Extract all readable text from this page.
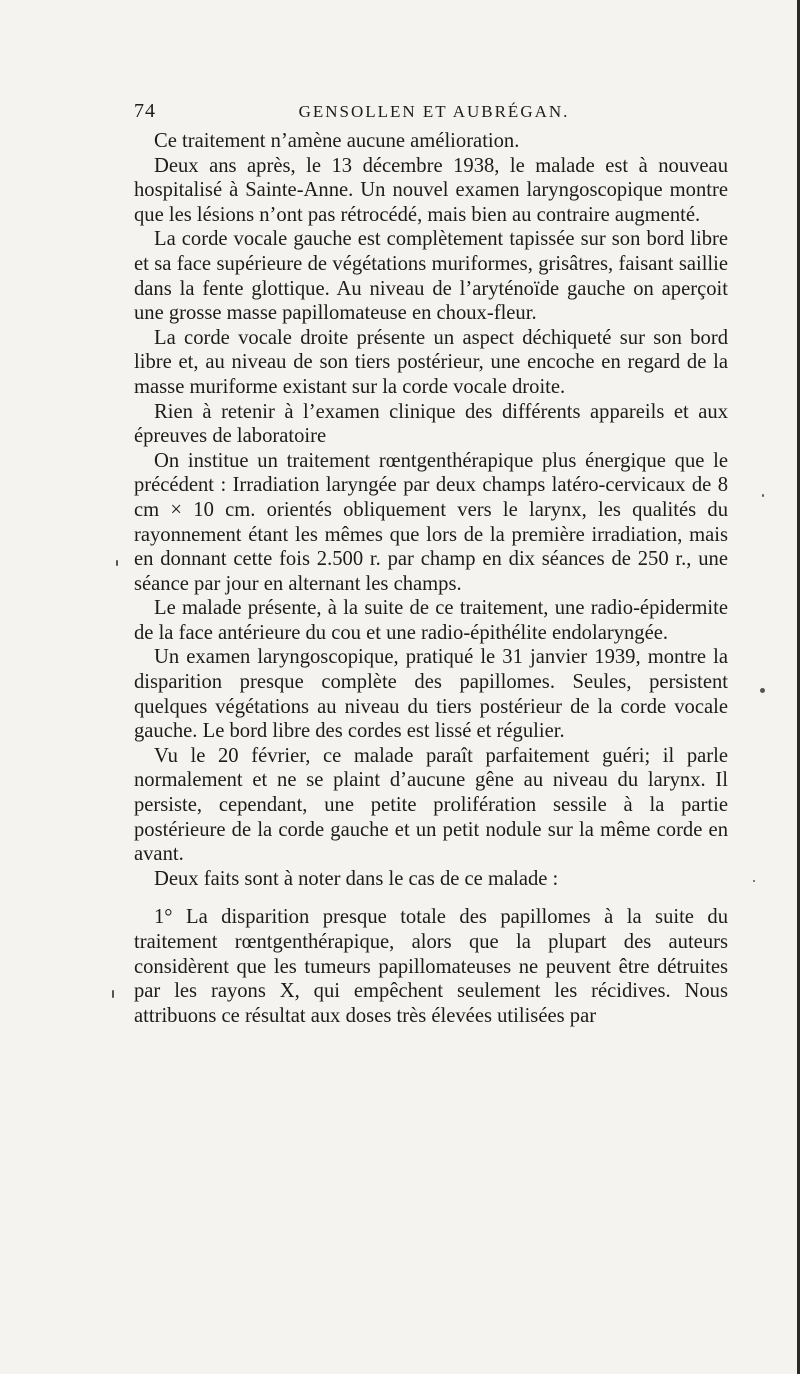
74	GENSOLLEN ET AUBRÉGAN.

Ce traitement n’amène aucune amélioration.

Deux ans après, le 13 décembre 1938, le malade est à nouveau hospitalisé à Sainte-Anne. Un nouvel examen laryngoscopique montre que les lésions n’ont pas rétrocédé, mais bien au contraire augmenté.

La corde vocale gauche est complètement tapissée sur son bord libre et sa face supérieure de végétations muriformes, grisâtres, faisant saillie dans la fente glottique. Au niveau de l’aryténoïde gauche on aperçoit une grosse masse papillomateuse en choux-fleur.

La corde vocale droite présente un aspect déchiqueté sur son bord libre et, au niveau de son tiers postérieur, une encoche en regard de la masse muriforme existant sur la corde vocale droite.

Rien à retenir à l’examen clinique des différents appareils et aux épreuves de laboratoire

On institue un traitement rœntgenthérapique plus énergique que le précédent : Irradiation laryngée par deux champs latéro-cervicaux de 8 cm × 10 cm. orientés obliquement vers le larynx, les qualités du rayonnement étant les mêmes que lors de la première irradiation, mais en donnant cette fois 2.500 r. par champ en dix séances de 250 r., une séance par jour en alternant les champs.

Le malade présente, à la suite de ce traitement, une radio-épidermite de la face antérieure du cou et une radio-épithélite endolaryngée.

Un examen laryngoscopique, pratiqué le 31 janvier 1939, montre la disparition presque complète des papillomes. Seules, persistent quelques végétations au niveau du tiers postérieur de la corde vocale gauche. Le bord libre des cordes est lissé et régulier.

Vu le 20 février, ce malade paraît parfaitement guéri; il parle normalement et ne se plaint d’aucune gêne au niveau du larynx. Il persiste, cependant, une petite prolifération sessile à la partie postérieure de la corde gauche et un petit nodule sur la même corde en avant.

Deux faits sont à noter dans le cas de ce malade :

1° La disparition presque totale des papillomes à la suite du traitement rœntgenthérapique, alors que la plupart des auteurs considèrent que les tumeurs papillomateuses ne peuvent être détruites par les rayons X, qui empêchent seulement les récidives. Nous attribuons ce résultat aux doses très élevées utilisées par
